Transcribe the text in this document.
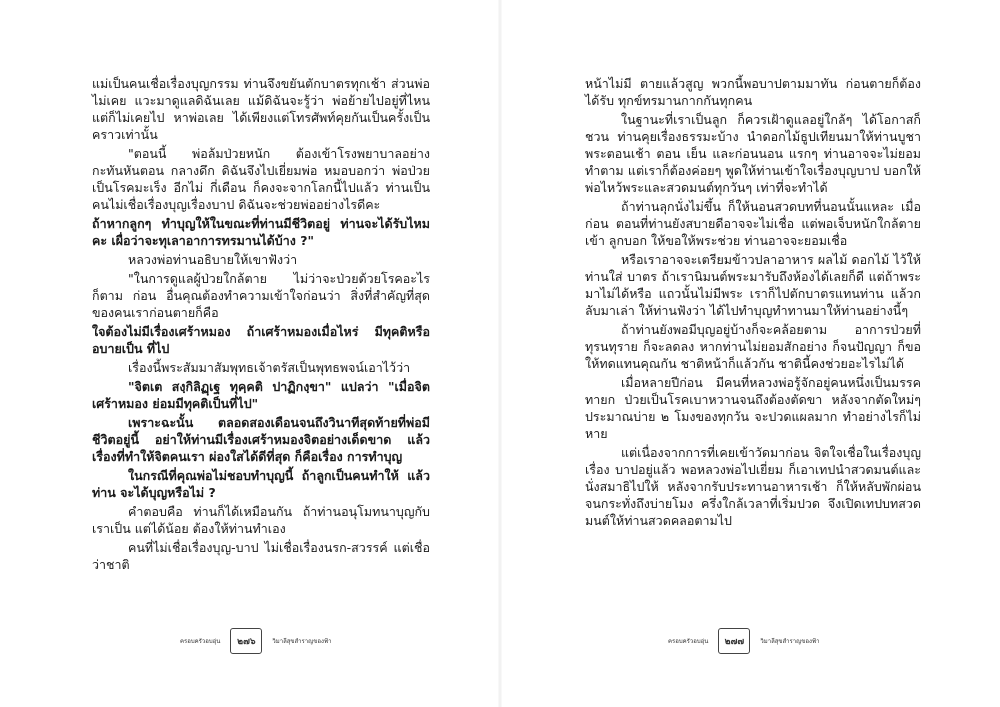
แม่เป็นคนเชื่อเรื่องบุญกรรม ท่านจึงขยันตักบาตรทุกเช้า ส่วนพ่อไม่เคย แวะมาดูแลดิฉันเลย แม้ดิฉันจะรู้ว่า พ่อย้ายไปอยู่ที่ไหน แต่ก็ไม่เคยไป หาพ่อเลย ได้เพียงแต่โทรศัพท์คุยกันเป็นครั้งเป็นคราวเท่านั้น

"ตอนนี้ พ่อล้มป่วยหนัก ต้องเข้าโรงพยาบาลอย่างกะทันหันตอน กลางดึก ดิฉันจึงไปเยี่ยมพ่อ หมอบอกว่า พ่อป่วยเป็นโรคมะเร็ง อีกไม่ กี่เดือน ก็คงจะจากโลกนี้ไปแล้ว ท่านเป็นคนไม่เชื่อเรื่องบุญเรื่องบาป ดิฉันจะช่วยพ่ออย่างไรดีคะ

ถ้าหากลูกๆ ทำบุญให้ในขณะที่ท่านมีชีวิตอยู่ ท่านจะได้รับไหมคะ เผื่อว่าจะทุเลาอาการทรมานได้บ้าง ?"

หลวงพ่อท่านอธิบายให้เขาฟังว่า

"ในการดูแลผู้ป่วยใกล้ตาย ไม่ว่าจะป่วยด้วยโรคอะไรก็ตาม ก่อน อื่นคุณต้องทำความเข้าใจก่อนว่า สิ่งที่สำคัญที่สุดของคนเราก่อนตายก็คือ

ใจต้องไม่มีเรื่องเศร้าหมอง ถ้าเศร้าหมองเมื่อไหร่ มีทุคติหรืออบายเป็น ที่ไป

เรื่องนี้พระสัมมาสัมพุทธเจ้าตรัสเป็นพุทธพจน์เอาไว้ว่า

"จิตเต สงฺกิลิฏฺเฐ ทุคฺคติ ปาฏิกงฺขา" แปลว่า "เมื่อจิตเศร้าหมอง ย่อมมีทุคติเป็นที่ไป"

เพราะฉะนั้น ตลอดสองเดือนจนถึงวินาทีสุดท้ายที่พ่อมีชีวิตอยู่นี้ อย่าให้ท่านมีเรื่องเศร้าหมองจิตอย่างเด็ดขาด แล้วเรื่องที่ทำให้จิตคนเรา ผ่องใสได้ดีที่สุด ก็คือเรื่อง การทำบุญ

ในกรณีที่คุณพ่อไม่ชอบทำบุญนี้ ถ้าลูกเป็นคนทำให้ แล้วท่าน จะได้บุญหรือไม่ ?

คำตอบคือ ท่านก็ได้เหมือนกัน ถ้าท่านอนุโมทนาบุญกับเราเป็น แต่ได้น้อย ต้องให้ท่านทำเอง

คนที่ไม่เชื่อเรื่องบุญ-บาป ไม่เชื่อเรื่องนรก-สวรรค์ แต่เชื่อว่าชาติ

ครอบครัวอบอุ่น	๒๗๖	วิมาลีสุขสำราญของฟ้า

หน้าไม่มี ตายแล้วสูญ พวกนี้พอบาปตามมาทัน ก่อนตายก็ต้องได้รับ ทุกข์ทรมานกากกันทุกคน

ในฐานะที่เราเป็นลูก ก็ควรเฝ้าดูแลอยู่ใกล้ๆ ได้โอกาสก็ชวน ท่านคุยเรื่องธรรมะบ้าง นำดอกไม้ธูปเทียนมาให้ท่านบูชาพระตอนเช้า ตอน เย็น และก่อนนอน แรกๆ ท่านอาจจะไม่ยอมทำตาม แต่เราก็ต้องค่อยๆ พูดให้ท่านเข้าใจเรื่องบุญบาป บอกให้พ่อไหว้พระและสวดมนต์ทุกวันๆ เท่าที่จะทำได้

ถ้าท่านลุกนั่งไม่ขึ้น ก็ให้นอนสวดบทที่นอนนั้นแหละ เมื่อก่อน ตอนที่ท่านยังสบายดีอาจจะไม่เชื่อ แต่พอเจ็บหนักใกล้ตายเข้า ลูกบอก ให้ขอให้พระช่วย ท่านอาจจะยอมเชื่อ

หรือเราอาจจะเตรียมข้าวปลาอาหาร ผลไม้ ดอกไม้ ไว้ให้ท่านใส่ บาตร ถ้าเรานิมนต์พระมารับถึงห้องได้เลยก็ดี แต่ถ้าพระมาไม่ได้หรือ แถวนั้นไม่มีพระ เราก็ไปตักบาตรแทนท่าน แล้วกลับมาเล่า ให้ท่านฟังว่า ได้ไปทำบุญทำทานมาให้ท่านอย่างนี้ๆ

ถ้าท่านยังพอมีบุญอยู่บ้างก็จะคล้อยตาม อาการป่วยที่ทุรนทุราย ก็จะลดลง หากท่านไม่ยอมสักอย่าง ก็จนปัญญา ก็ขอให้ทดแทนคุณกัน ชาติหน้าก็แล้วกัน ชาตินี้คงช่วยอะไรไม่ได้

เมื่อหลายปีก่อน มีคนที่หลวงพ่อรู้จักอยู่คนหนึ่งเป็นมรรคทายก ป่วยเป็นโรคเบาหวานจนถึงต้องตัดขา หลังจากตัดใหม่ๆ ประมาณบ่าย ๒ โมงของทุกวัน จะปวดแผลมาก ทำอย่างไรก็ไม่หาย

แต่เนื่องจากการที่เคยเข้าวัดมาก่อน จิตใจเชื่อในเรื่องบุญเรื่อง บาปอยู่แล้ว พอหลวงพ่อไปเยี่ยม ก็เอาเทปนำสวดมนต์และนั่งสมาธิไปให้ หลังจากรับประทานอาหารเช้า ก็ให้หลับพักผ่อน จนกระทั่งถึงบ่ายโมง ครึ่งใกล้เวลาที่เริ่มปวด จึงเปิดเทปบทสวดมนต์ให้ท่านสวดคลอตามไป

ครอบครัวอบอุ่น	๒๗๗	วิมาลีสุขสำราญของฟ้า
